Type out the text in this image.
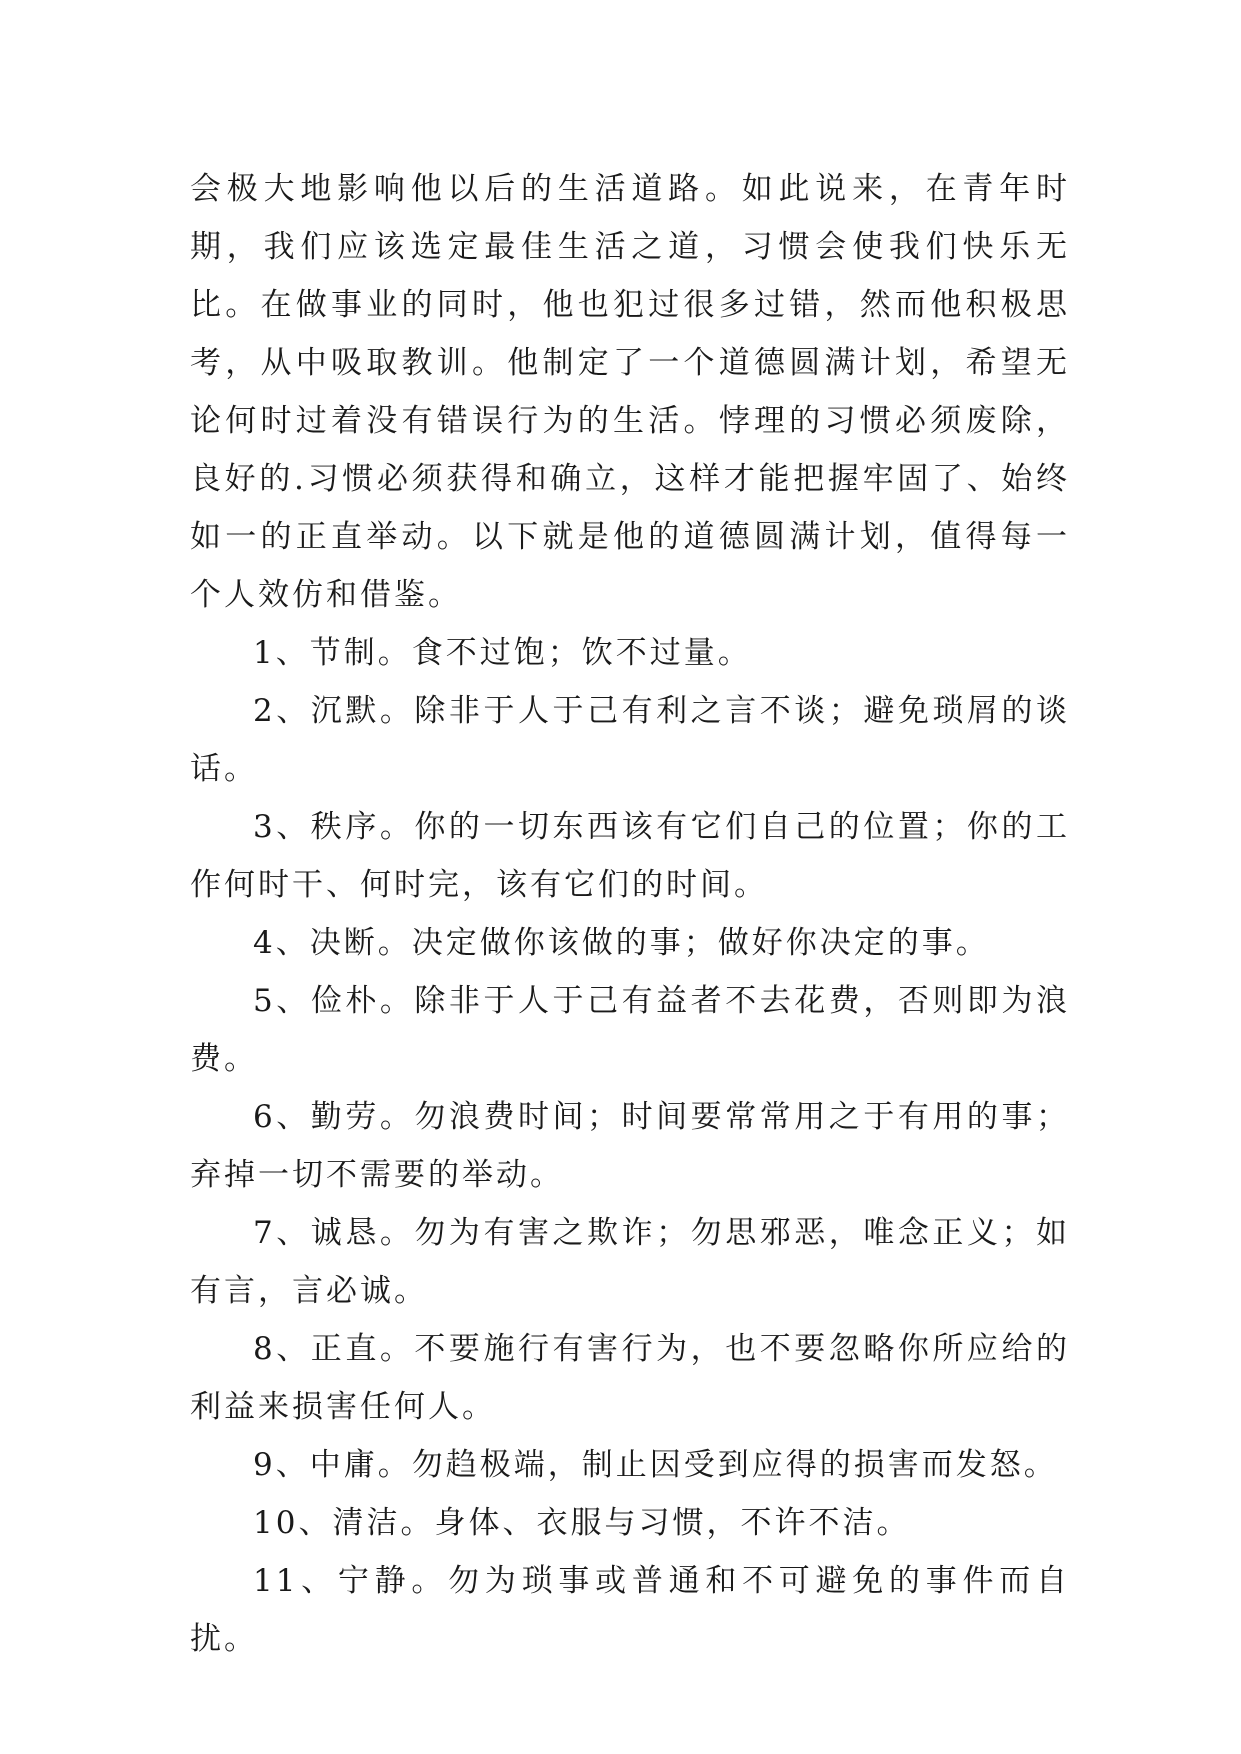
会极大地影响他以后的生活道路。如此说来，在青年时期，我们应该选定最佳生活之道，习惯会使我们快乐无比。在做事业的同时，他也犯过很多过错，然而他积极思考，从中吸取教训。他制定了一个道德圆满计划，希望无论何时过着没有错误行为的生活。悖理的习惯必须废除，良好的.习惯必须获得和确立，这样才能把握牢固了、始终如一的正直举动。以下就是他的道德圆满计划，值得每一个人效仿和借鉴。

1、节制。食不过饱；饮不过量。

2、沉默。除非于人于己有利之言不谈；避免琐屑的谈话。

3、秩序。你的一切东西该有它们自己的位置；你的工作何时干、何时完，该有它们的时间。

4、决断。决定做你该做的事；做好你决定的事。

5、俭朴。除非于人于己有益者不去花费，否则即为浪费。

6、勤劳。勿浪费时间；时间要常常用之于有用的事；弃掉一切不需要的举动。

7、诚恳。勿为有害之欺诈；勿思邪恶，唯念正义；如有言，言必诚。

8、正直。不要施行有害行为，也不要忽略你所应给的利益来损害任何人。

9、中庸。勿趋极端，制止因受到应得的损害而发怒。

10、清洁。身体、衣服与习惯，不许不洁。

11、宁静。勿为琐事或普通和不可避免的事件而自扰。
